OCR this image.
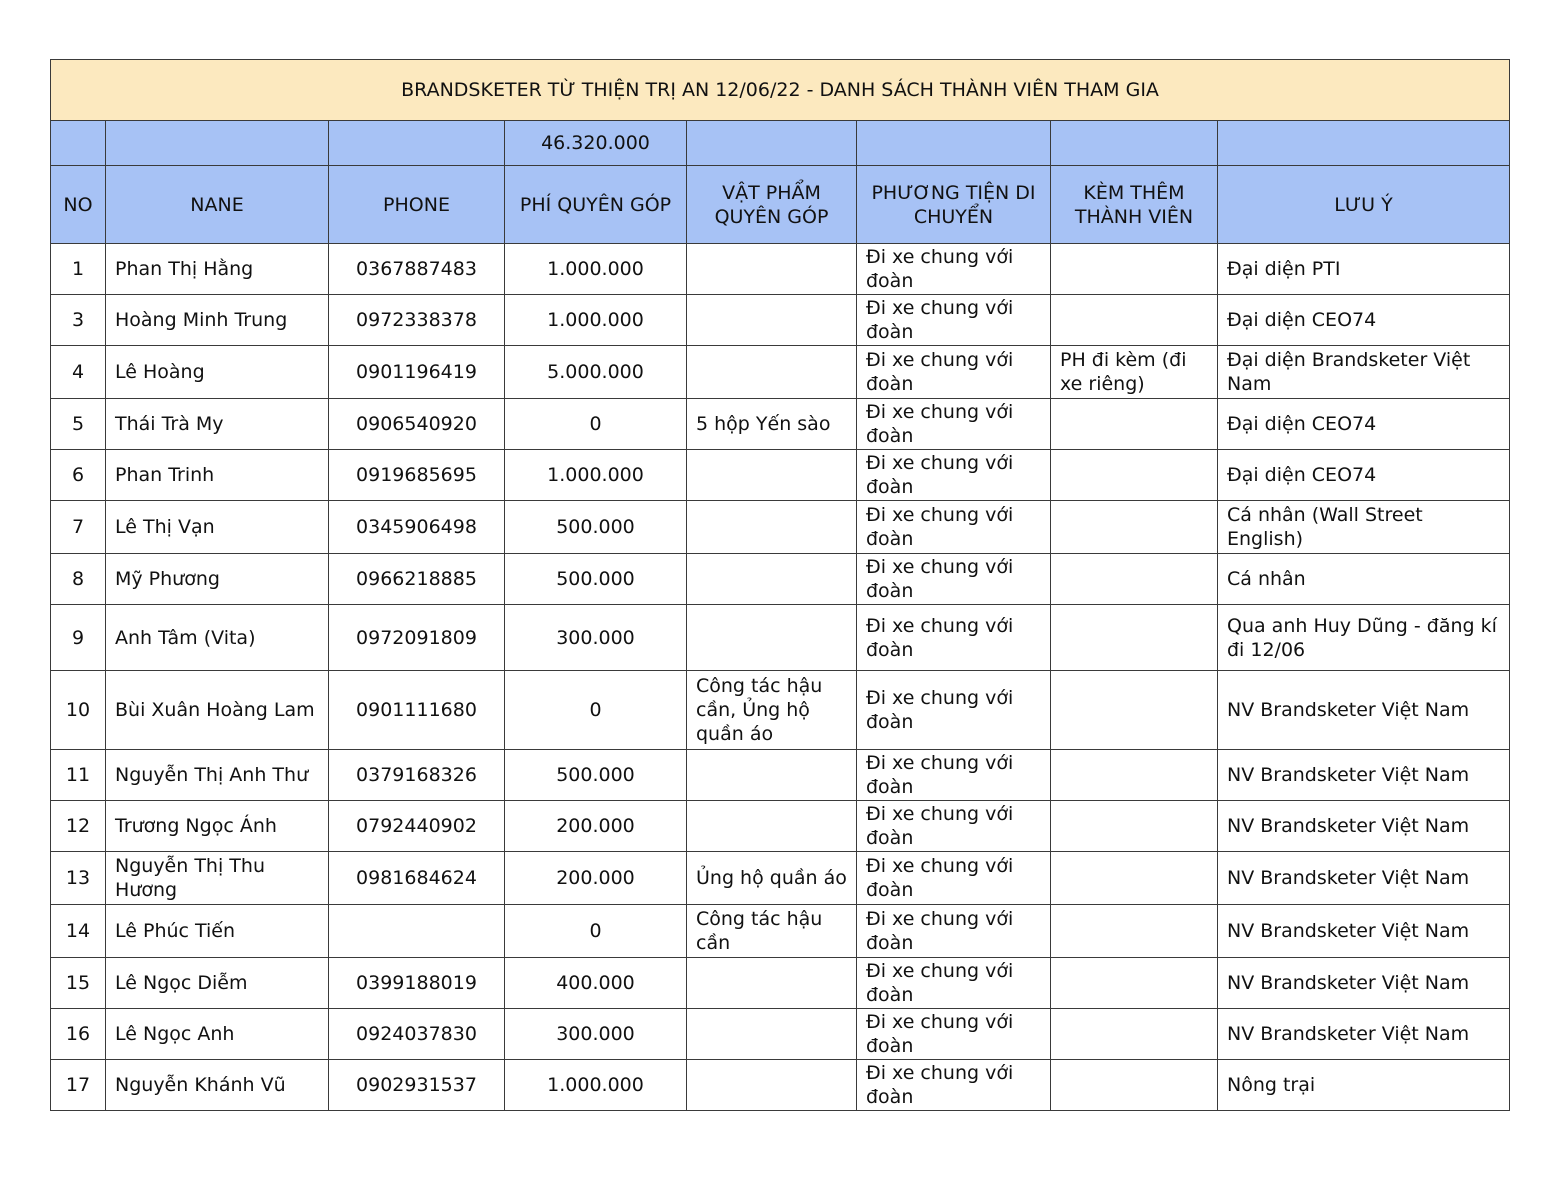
BRANDSKETER TỪ THIỆN TRỊ AN 12/06/22 - DANH SÁCH THÀNH VIÊN THAM GIA							
			46.320.000				
NO	NANE	PHONE	PHÍ QUYÊN GÓP	VẬT PHẨM QUYÊN GÓP	PHƯƠNG TIỆN DI CHUYỂN	KÈM THÊM THÀNH VIÊN	LƯU Ý
1	Phan Thị Hằng	0367887483	1.000.000		Đi xe chung với đoàn		Đại diện PTI
3	Hoàng Minh Trung	0972338378	1.000.000		Đi xe chung với đoàn		Đại diện CEO74
4	Lê Hoàng	0901196419	5.000.000		Đi xe chung với đoàn	PH đi kèm (đi xe riêng)	Đại diện Brandsketer Việt Nam
5	Thái Trà My	0906540920	0	5 hộp Yến sào	Đi xe chung với đoàn		Đại diện CEO74
6	Phan Trinh	0919685695	1.000.000		Đi xe chung với đoàn		Đại diện CEO74
7	Lê Thị Vạn	0345906498	500.000		Đi xe chung với đoàn		Cá nhân (Wall Street English)
8	Mỹ Phương	0966218885	500.000		Đi xe chung với đoàn		Cá nhân
9	Anh Tâm (Vita)	0972091809	300.000		Đi xe chung với đoàn		Qua anh Huy Dũng - đăng kí đi 12/06
10	Bùi Xuân Hoàng Lam	0901111680	0	Công tác hậu cần, Ủng hộ quần áo	Đi xe chung với đoàn		NV Brandsketer Việt Nam
11	Nguyễn Thị Anh Thư	0379168326	500.000		Đi xe chung với đoàn		NV Brandsketer Việt Nam
12	Trương Ngọc Ánh	0792440902	200.000		Đi xe chung với đoàn		NV Brandsketer Việt Nam
13	Nguyễn Thị Thu Hương	0981684624	200.000	Ủng hộ quần áo	Đi xe chung với đoàn		NV Brandsketer Việt Nam
14	Lê Phúc Tiến		0	Công tác hậu cần	Đi xe chung với đoàn		NV Brandsketer Việt Nam
15	Lê Ngọc Diễm	0399188019	400.000		Đi xe chung với đoàn		NV Brandsketer Việt Nam
16	Lê Ngọc Anh	0924037830	300.000		Đi xe chung với đoàn		NV Brandsketer Việt Nam
17	Nguyễn Khánh Vũ	0902931537	1.000.000		Đi xe chung với đoàn		Nông trại
